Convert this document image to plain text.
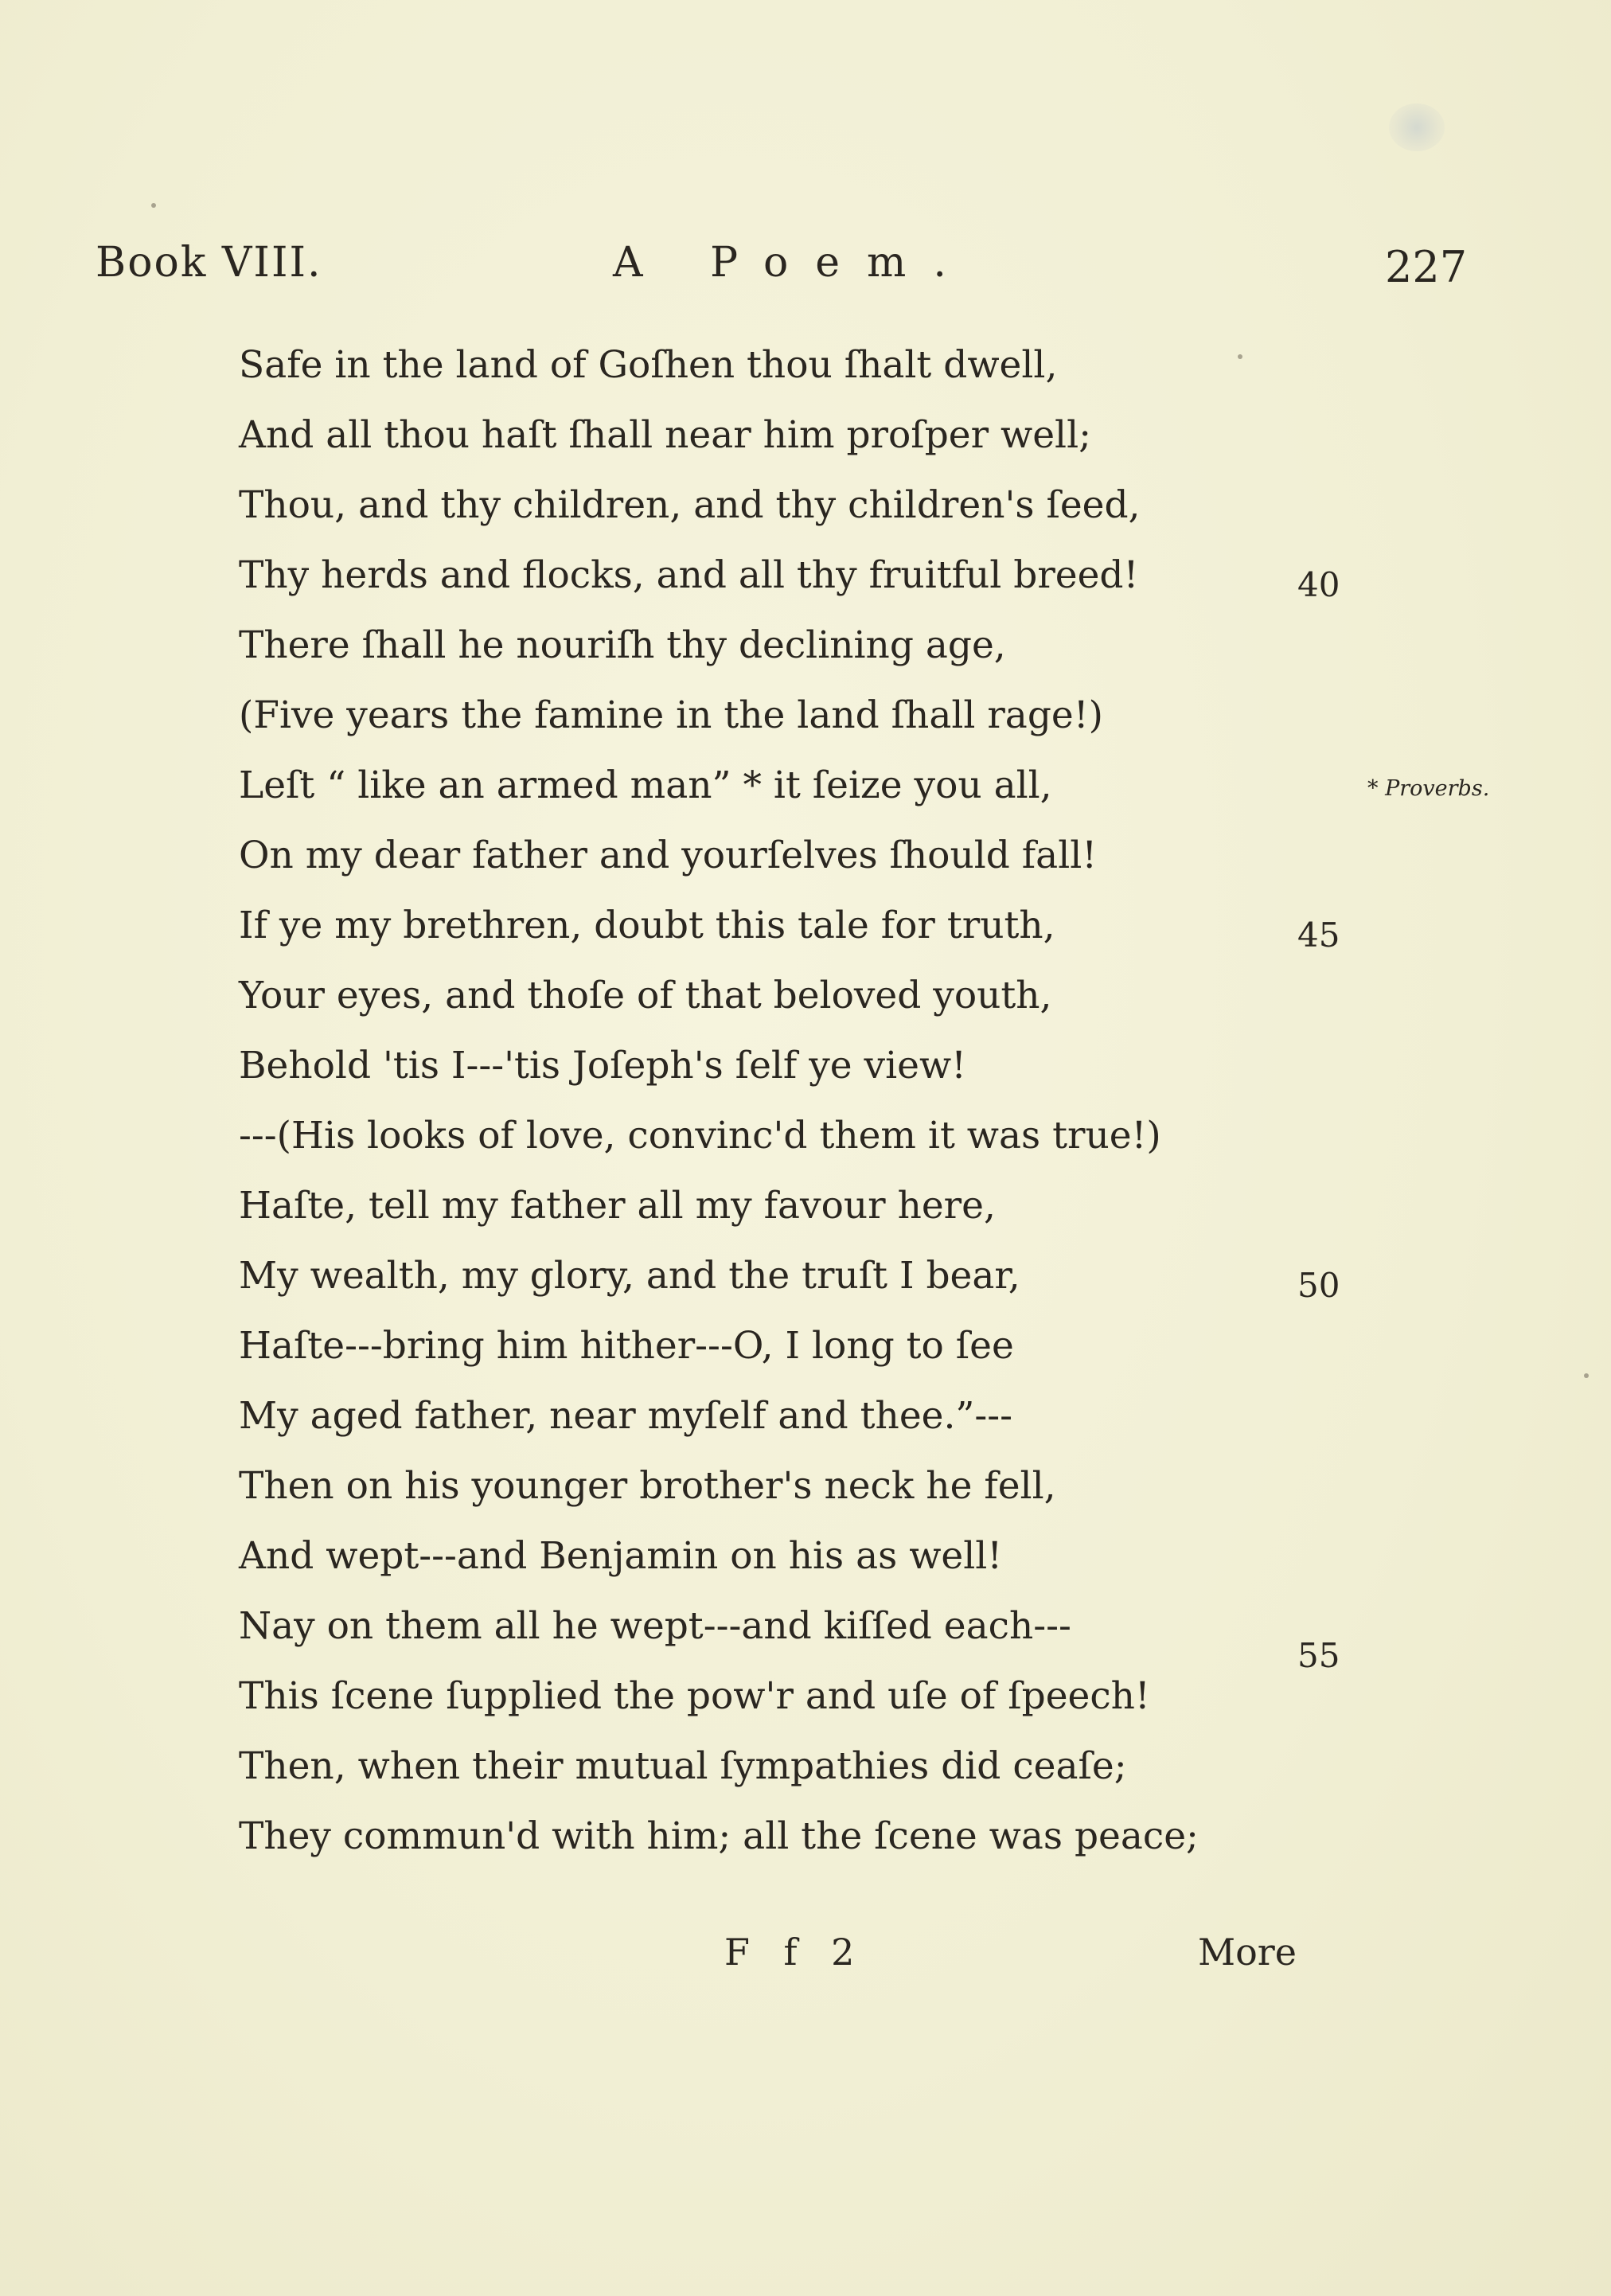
Book VIII.	A Poem.	227
Safe in the land of Goſhen thou ſhalt dwell,
And all thou haſt ſhall near him proſper well;
Thou, and thy children, and thy children's ſeed,
Thy herds and flocks, and all thy fruitful breed!
There ſhall he nouriſh thy declining age,
(Five years the famine in the land ſhall rage!)
Leſt “ like an armed man” * it ſeize you all,
On my dear father and yourſelves ſhould fall!
If ye my brethren, doubt this tale for truth,
Your eyes, and thoſe of that beloved youth,
Behold 'tis I---'tis Joſeph's ſelf ye view!
---(His looks of love, convinc'd them it was true!)
Haſte, tell my father all my favour here,
My wealth, my glory, and the truſt I bear,
Haſte---bring him hither---O, I long to ſee
My aged father, near myſelf and thee.”---
Then on his younger brother's neck he fell,
And wept---and Benjamin on his as well!
Nay on them all he wept---and kiſſed each---
This ſcene ſupplied the pow'r and uſe of ſpeech!
Then, when their mutual ſympathies did ceaſe;
They commun'd with him; all the ſcene was peace;
40
45
50
55
* Proverbs.
F f 2	More
